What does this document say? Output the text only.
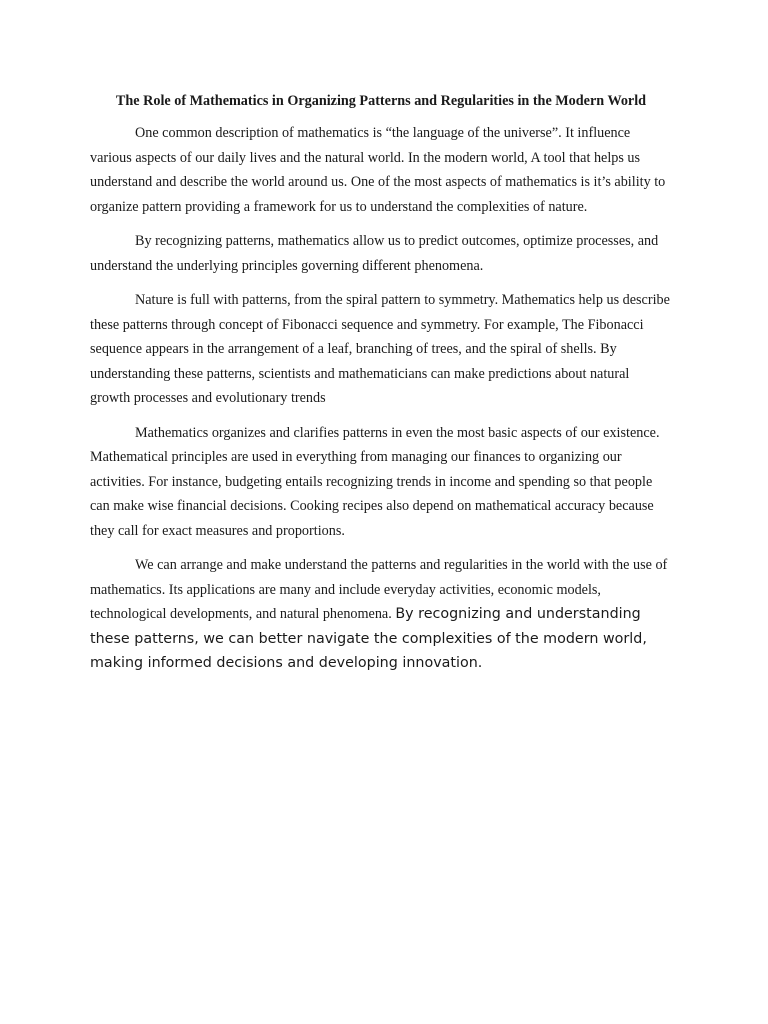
The Role of Mathematics in Organizing Patterns and Regularities in the Modern World

One common description of mathematics is “the language of the universe”. It influence various aspects of our daily lives and the natural world. In the modern world, A tool that helps us understand and describe the world around us. One of the most aspects of mathematics is it’s ability to organize pattern providing a framework for us to understand the complexities of nature.

By recognizing patterns, mathematics allow us to predict outcomes, optimize processes, and understand the underlying principles governing different phenomena.

Nature is full with patterns, from the spiral pattern to symmetry. Mathematics help us describe these patterns through concept of Fibonacci sequence and symmetry. For example, The Fibonacci sequence appears in the arrangement of a leaf, branching of trees, and the spiral of shells. By understanding these patterns, scientists and mathematicians can make predictions about natural growth processes and evolutionary trends

Mathematics organizes and clarifies patterns in even the most basic aspects of our existence. Mathematical principles are used in everything from managing our finances to organizing our activities. For instance, budgeting entails recognizing trends in income and spending so that people can make wise financial decisions. Cooking recipes also depend on mathematical accuracy because they call for exact measures and proportions.

We can arrange and make understand the patterns and regularities in the world with the use of mathematics. Its applications are many and include everyday activities, economic models, technological developments, and natural phenomena. By recognizing and understanding these patterns, we can better navigate the complexities of the modern world, making informed decisions and developing innovation.
